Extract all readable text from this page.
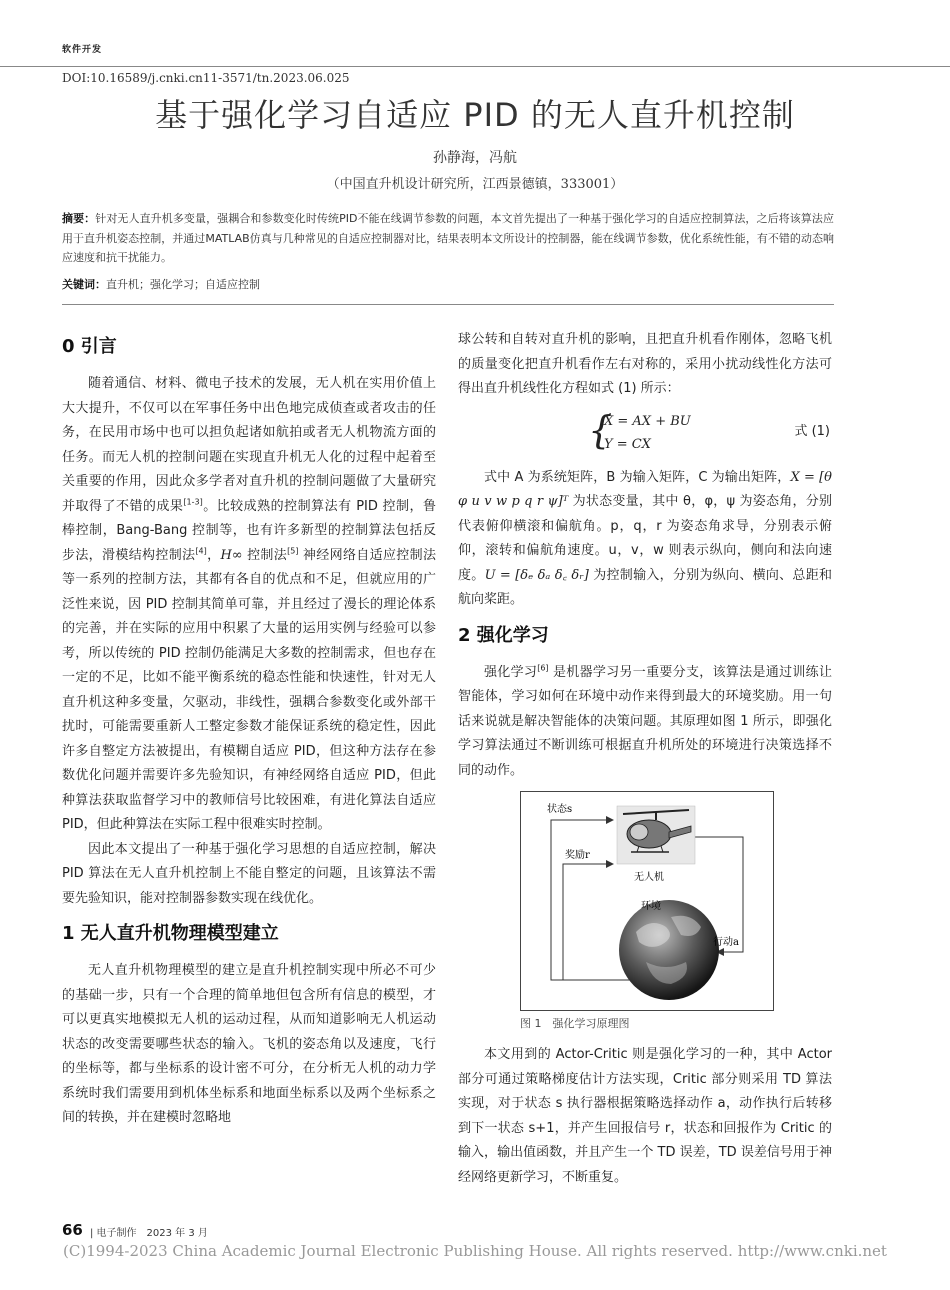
软件开发
DOI:10.16589/j.cnki.cn11-3571/tn.2023.06.025
基于强化学习自适应 PID 的无人直升机控制
孙静海，冯航
（中国直升机设计研究所，江西景德镇，333001）
摘要：针对无人直升机多变量，强耦合和参数变化时传统PID不能在线调节参数的问题，本文首先提出了一种基于强化学习的自适应控制算法，之后将该算法应用于直升机姿态控制，并通过MATLAB仿真与几种常见的自适应控制器对比，结果表明本文所设计的控制器，能在线调节参数，优化系统性能，有不错的动态响应速度和抗干扰能力。
关键词：直升机；强化学习；自适应控制
0 引言

随着通信、材料、微电子技术的发展，无人机在实用价值上大大提升，不仅可以在军事任务中出色地完成侦查或者攻击的任务，在民用市场中也可以担负起诸如航拍或者无人机物流方面的任务。而无人机的控制问题在实现直升机无人化的过程中起着至关重要的作用，因此众多学者对直升机的控制问题做了大量研究并取得了不错的成果[1-3]。比较成熟的控制算法有 PID 控制，鲁棒控制，Bang-Bang 控制等，也有许多新型的控制算法包括反步法，滑模结构控制法[4]，H∞ 控制法[5] 神经网络自适应控制法等一系列的控制方法，其都有各自的优点和不足，但就应用的广泛性来说，因 PID 控制其简单可靠，并且经过了漫长的理论体系的完善，并在实际的应用中积累了大量的运用实例与经验可以参考，所以传统的 PID 控制仍能满足大多数的控制需求，但也存在一定的不足，比如不能平衡系统的稳态性能和快速性，针对无人直升机这种多变量，欠驱动，非线性，强耦合参数变化或外部干扰时，可能需要重新人工整定参数才能保证系统的稳定性，因此许多自整定方法被提出，有模糊自适应 PID，但这种方法存在参数优化问题并需要许多先验知识，有神经网络自适应 PID，但此种算法获取监督学习中的教师信号比较困难，有进化算法自适应 PID，但此种算法在实际工程中很难实时控制。

因此本文提出了一种基于强化学习思想的自适应控制，解决 PID 算法在无人直升机控制上不能自整定的问题，且该算法不需要先验知识，能对控制器参数实现在线优化。

1 无人直升机物理模型建立

无人直升机物理模型的建立是直升机控制实现中所必不可少的基础一步，只有一个合理的简单地但包含所有信息的模型，才可以更真实地模拟无人机的运动过程，从而知道影响无人机运动状态的改变需要哪些状态的输入。飞机的姿态角以及速度，飞行的坐标等，都与坐标系的设计密不可分，在分析无人机的动力学系统时我们需要用到机体坐标系和地面坐标系以及两个坐标系之间的转换，并在建模时忽略地

球公转和自转对直升机的影响，且把直升机看作刚体，忽略飞机的质量变化把直升机看作左右对称的，采用小扰动线性化方法可得出直升机线性化方程如式 (1) 所示：

{
Ẋ = AX + BU
Y = CX
式 (1)

式中 A 为系统矩阵，B 为输入矩阵，C 为输出矩阵，X = [θ φ u v w p q r ψ]ᵀ 为状态变量，其中 θ，φ，ψ 为姿态角，分别代表俯仰横滚和偏航角。p，q，r 为姿态角求导，分别表示俯仰，滚转和偏航角速度。u，v，w 则表示纵向，侧向和法向速度。U = [δₑ δₐ δ꜀ δᵣ] 为控制输入，分别为纵向、横向、总距和航向桨距。

2 强化学习

强化学习[6] 是机器学习另一重要分支，该算法是通过训练让智能体，学习如何在环境中动作来得到最大的环境奖励。用一句话来说就是解决智能体的决策问题。其原理如图 1 所示，即强化学习算法通过不断训练可根据直升机所处的环境进行决策选择不同的动作。

状态s
奖励r
无人机
环境
行动a
图 1　强化学习原理图

本文用到的 Actor-Critic 则是强化学习的一种，其中 Actor 部分可通过策略梯度估计方法实现，Critic 部分则采用 TD 算法实现，对于状态 s 执行器根据策略选择动作 a，动作执行后转移到下一状态 s+1，并产生回报信号 r，状态和回报作为 Critic 的输入，输出值函数，并且产生一个 TD 误差，TD 误差信号用于神经网络更新学习，不断重复。

66 | 电子制作　2023 年 3 月
(C)1994-2023 China Academic Journal Electronic Publishing House. All rights reserved. http://www.cnki.net
